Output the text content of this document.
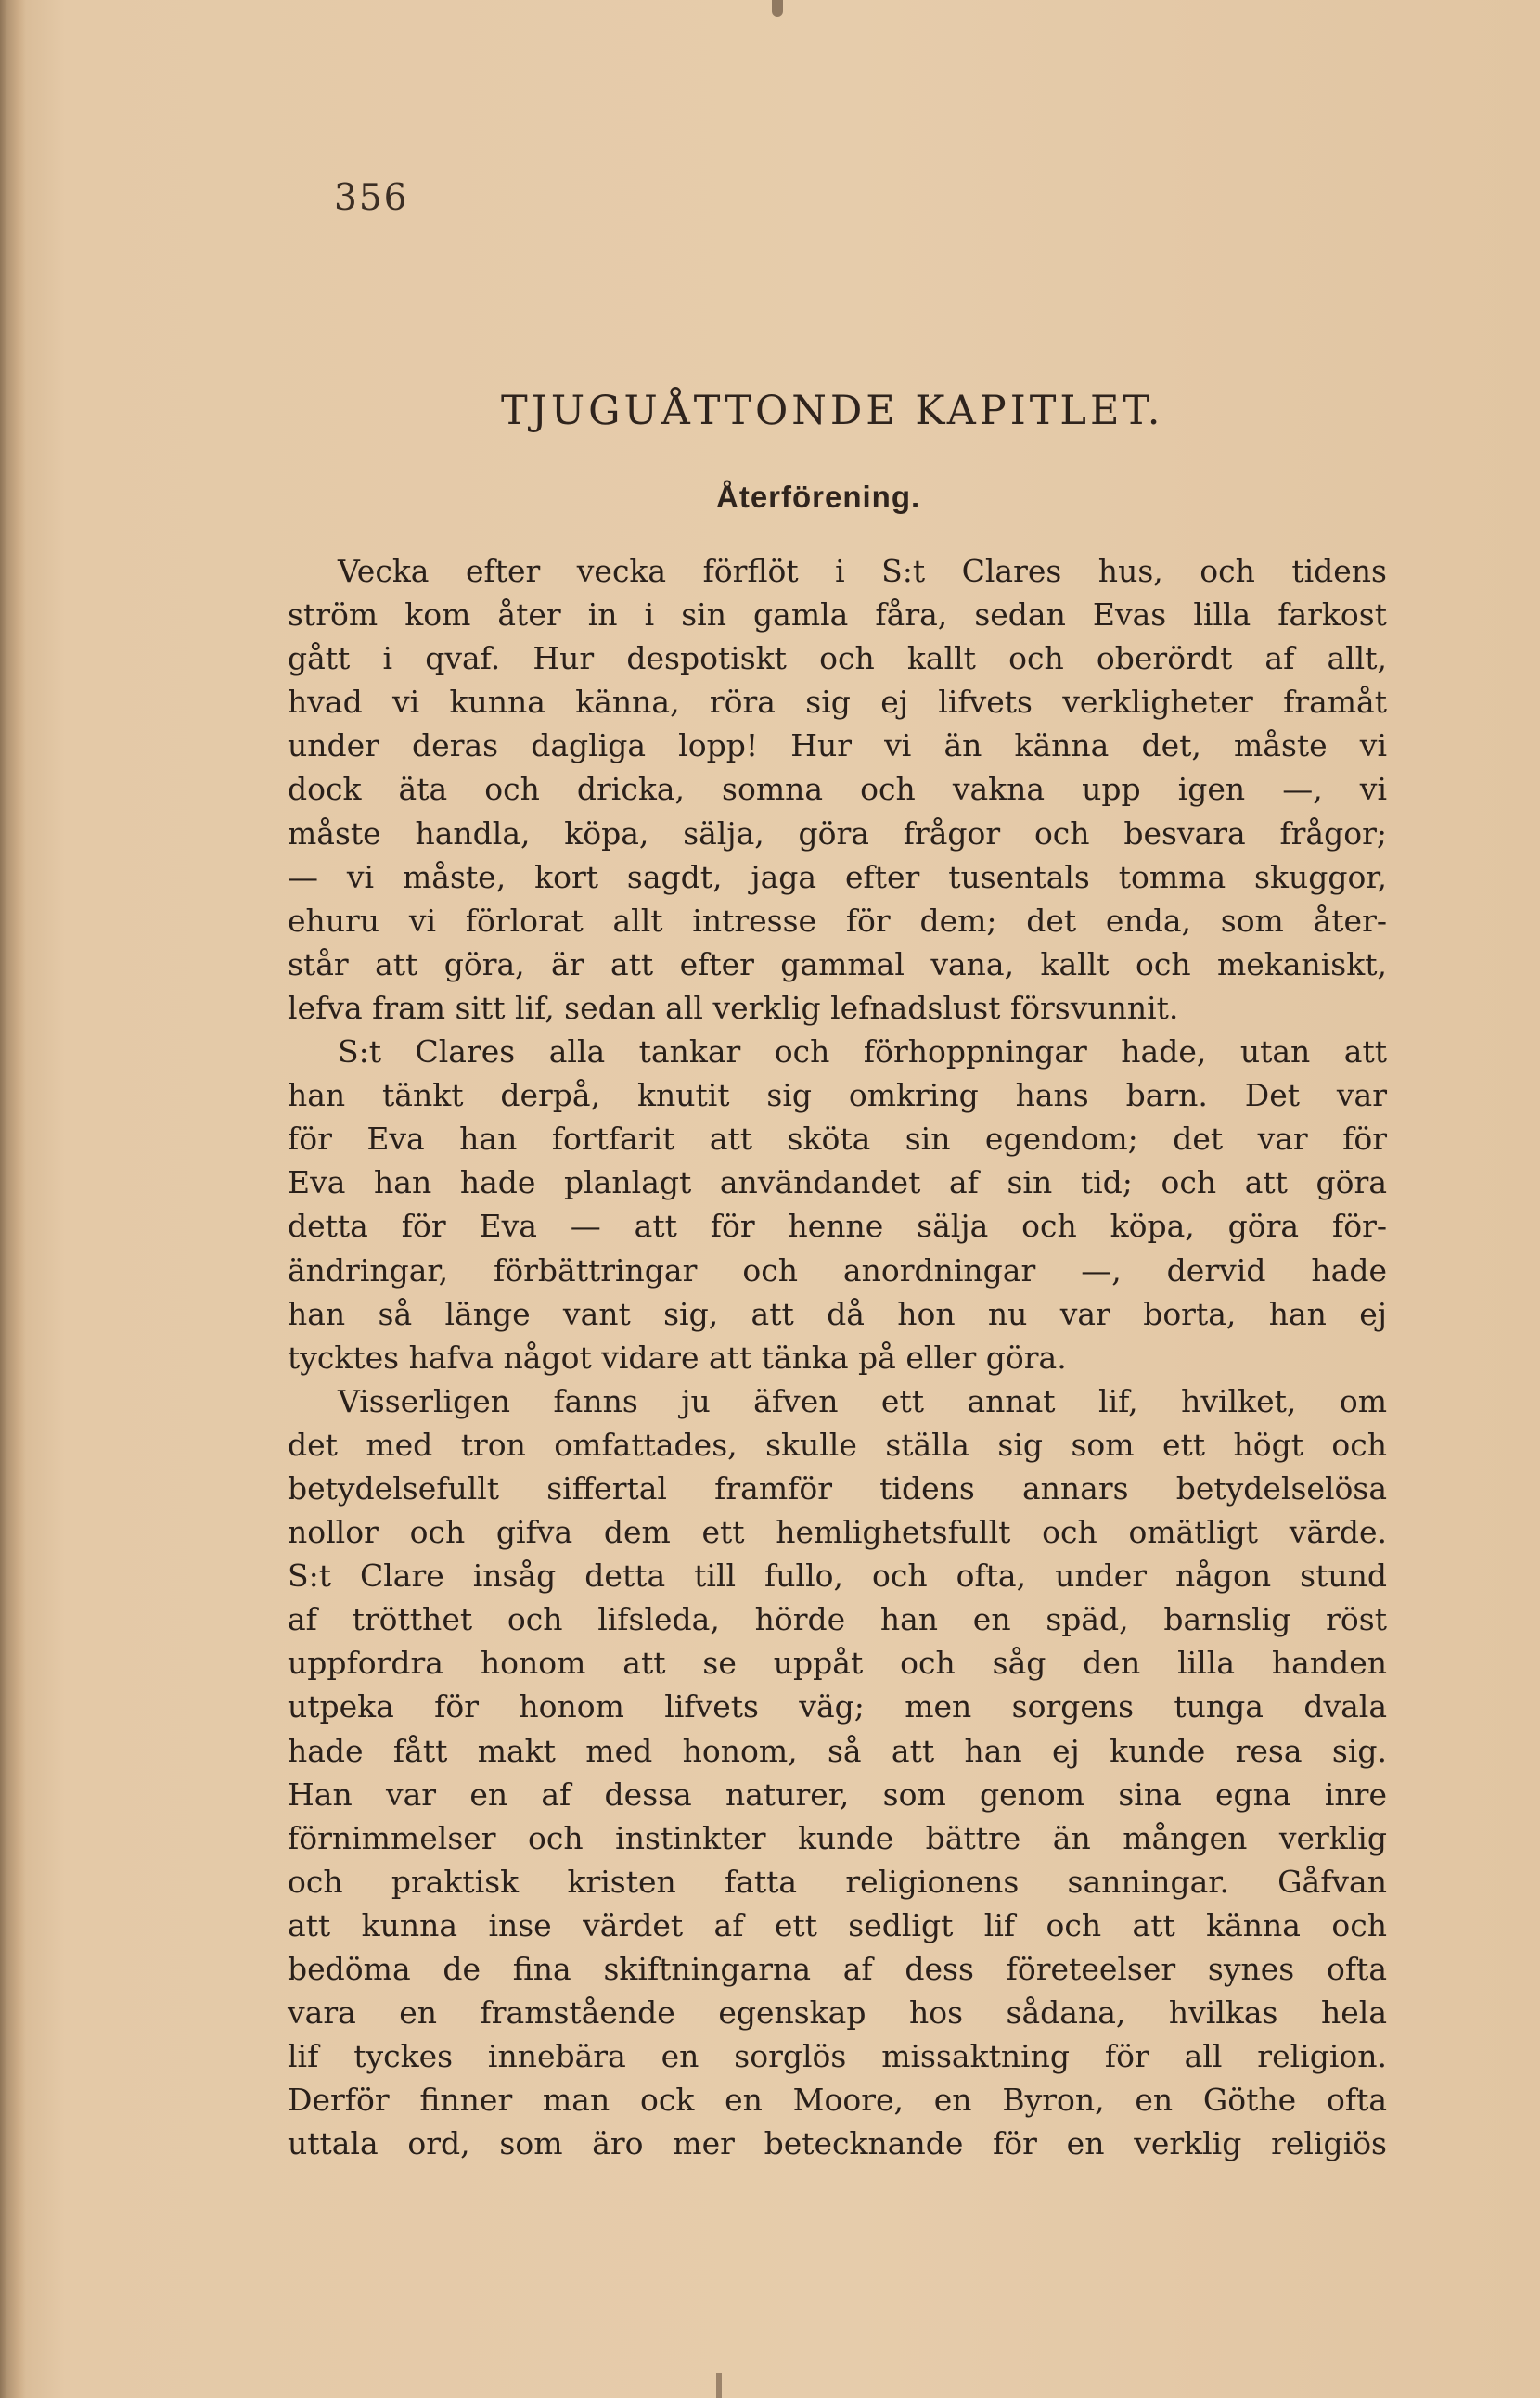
356
TJUGUÅTTONDE KAPITLET.
Återförening.
Vecka efter vecka förflöt i S:t Clares hus, och tidens
ström kom åter in i sin gamla fåra, sedan Evas lilla farkost
gått i qvaf. Hur despotiskt och kallt och oberördt af allt,
hvad vi kunna känna, röra sig ej lifvets verkligheter framåt
under deras dagliga lopp! Hur vi än känna det, måste vi
dock äta och dricka, somna och vakna upp igen —, vi
måste handla, köpa, sälja, göra frågor och besvara frågor;
— vi måste, kort sagdt, jaga efter tusentals tomma skuggor,
ehuru vi förlorat allt intresse för dem; det enda, som åter-
står att göra, är att efter gammal vana, kallt och mekaniskt,
lefva fram sitt lif, sedan all verklig lefnadslust försvunnit.
S:t Clares alla tankar och förhoppningar hade, utan att
han tänkt derpå, knutit sig omkring hans barn. Det var
för Eva han fortfarit att sköta sin egendom; det var för
Eva han hade planlagt användandet af sin tid; och att göra
detta för Eva — att för henne sälja och köpa, göra för-
ändringar, förbättringar och anordningar —, dervid hade
han så länge vant sig, att då hon nu var borta, han ej
tycktes hafva något vidare att tänka på eller göra.
Visserligen fanns ju äfven ett annat lif, hvilket, om
det med tron omfattades, skulle ställa sig som ett högt och
betydelsefullt siffertal framför tidens annars betydelselösa
nollor och gifva dem ett hemlighetsfullt och omätligt värde.
S:t Clare insåg detta till fullo, och ofta, under någon stund
af trötthet och lifsleda, hörde han en späd, barnslig röst
uppfordra honom att se uppåt och såg den lilla handen
utpeka för honom lifvets väg; men sorgens tunga dvala
hade fått makt med honom, så att han ej kunde resa sig.
Han var en af dessa naturer, som genom sina egna inre
förnimmelser och instinkter kunde bättre än mången verklig
och praktisk kristen fatta religionens sanningar. Gåfvan
att kunna inse värdet af ett sedligt lif och att känna och
bedöma de fina skiftningarna af dess företeelser synes ofta
vara en framstående egenskap hos sådana, hvilkas hela
lif tyckes innebära en sorglös missaktning för all religion.
Derför finner man ock en Moore, en Byron, en Göthe ofta
uttala ord, som äro mer betecknande för en verklig religiös
